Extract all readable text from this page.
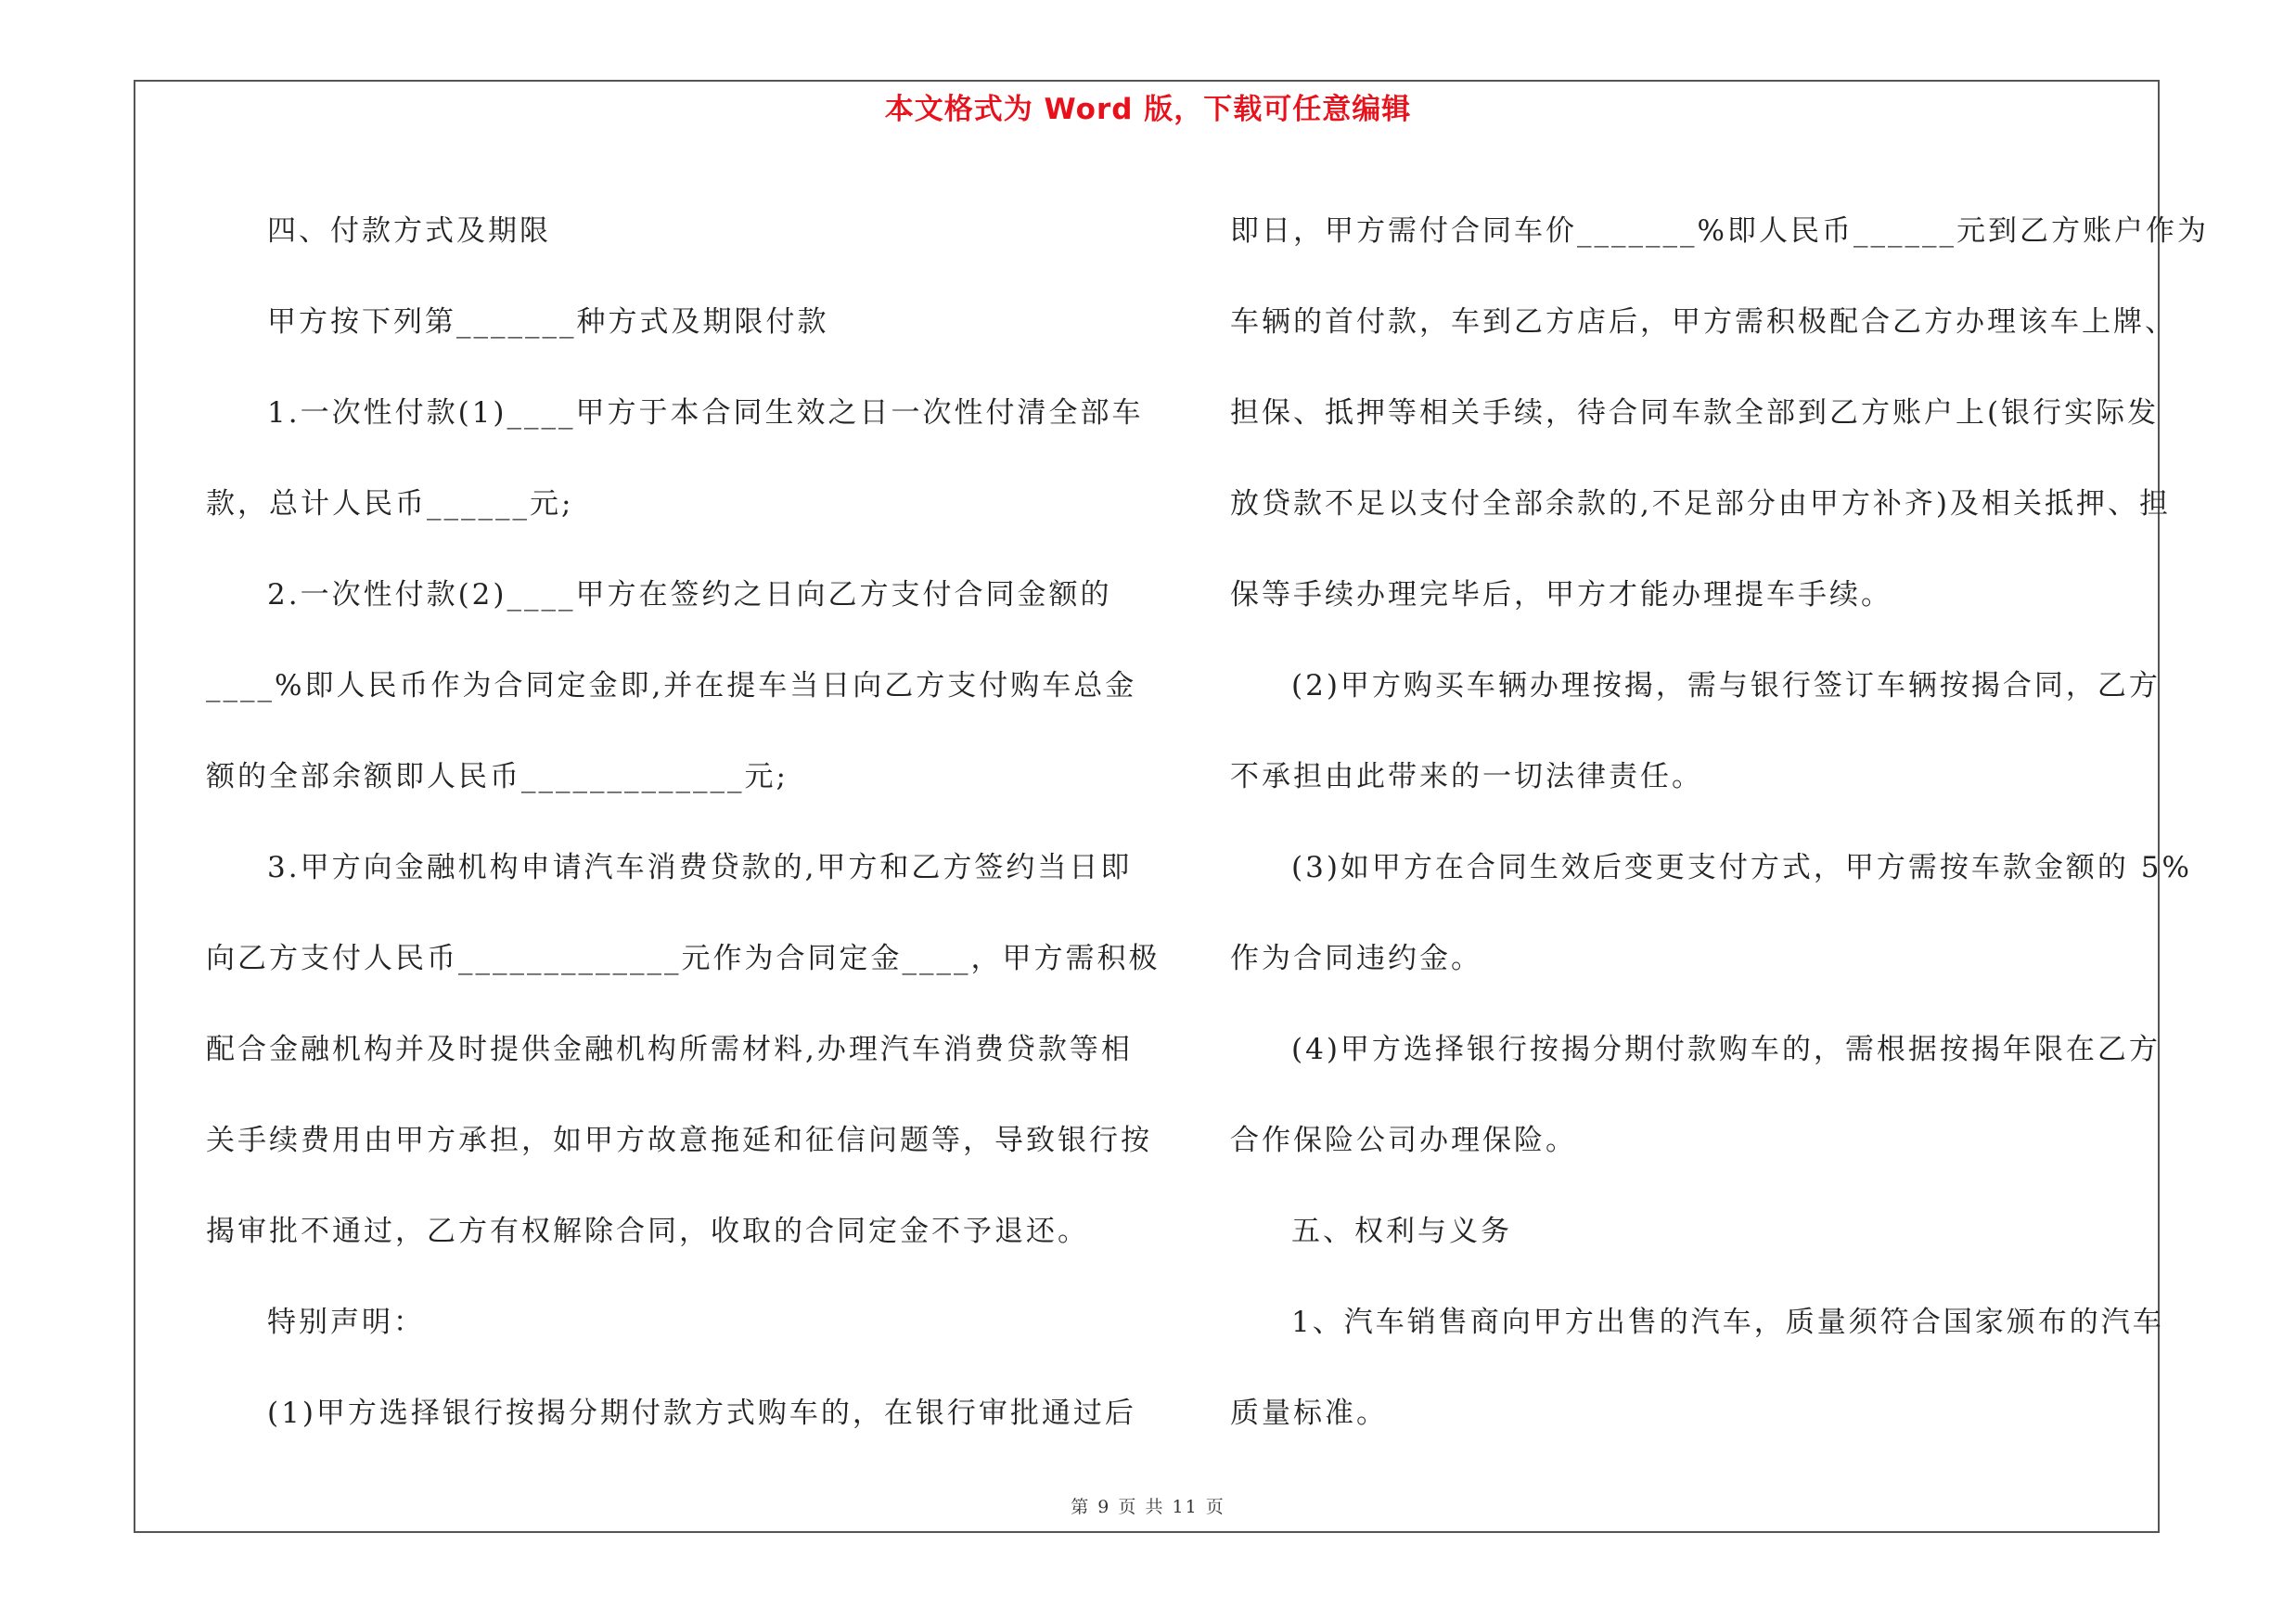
本文格式为 Word 版，下载可任意编辑

四、付款方式及期限

甲方按下列第_______种方式及期限付款

1.一次性付款(1)____甲方于本合同生效之日一次性付清全部车

款，总计人民币______元;

2.一次性付款(2)____甲方在签约之日向乙方支付合同金额的

____%即人民币作为合同定金即,并在提车当日向乙方支付购车总金

额的全部余额即人民币_____________元;

3.甲方向金融机构申请汽车消费贷款的,甲方和乙方签约当日即

向乙方支付人民币_____________元作为合同定金____，甲方需积极

配合金融机构并及时提供金融机构所需材料,办理汽车消费贷款等相

关手续费用由甲方承担，如甲方故意拖延和征信问题等，导致银行按

揭审批不通过，乙方有权解除合同，收取的合同定金不予退还。

特别声明：

(1)甲方选择银行按揭分期付款方式购车的，在银行审批通过后

即日，甲方需付合同车价_______%即人民币______元到乙方账户作为

车辆的首付款，车到乙方店后，甲方需积极配合乙方办理该车上牌、

担保、抵押等相关手续，待合同车款全部到乙方账户上(银行实际发

放贷款不足以支付全部余款的,不足部分由甲方补齐)及相关抵押、担

保等手续办理完毕后，甲方才能办理提车手续。

(2)甲方购买车辆办理按揭，需与银行签订车辆按揭合同，乙方

不承担由此带来的一切法律责任。

(3)如甲方在合同生效后变更支付方式，甲方需按车款金额的 5%

作为合同违约金。

(4)甲方选择银行按揭分期付款购车的，需根据按揭年限在乙方

合作保险公司办理保险。

五、权利与义务

1、汽车销售商向甲方出售的汽车，质量须符合国家颁布的汽车

质量标准。

第 9 页 共 11 页
